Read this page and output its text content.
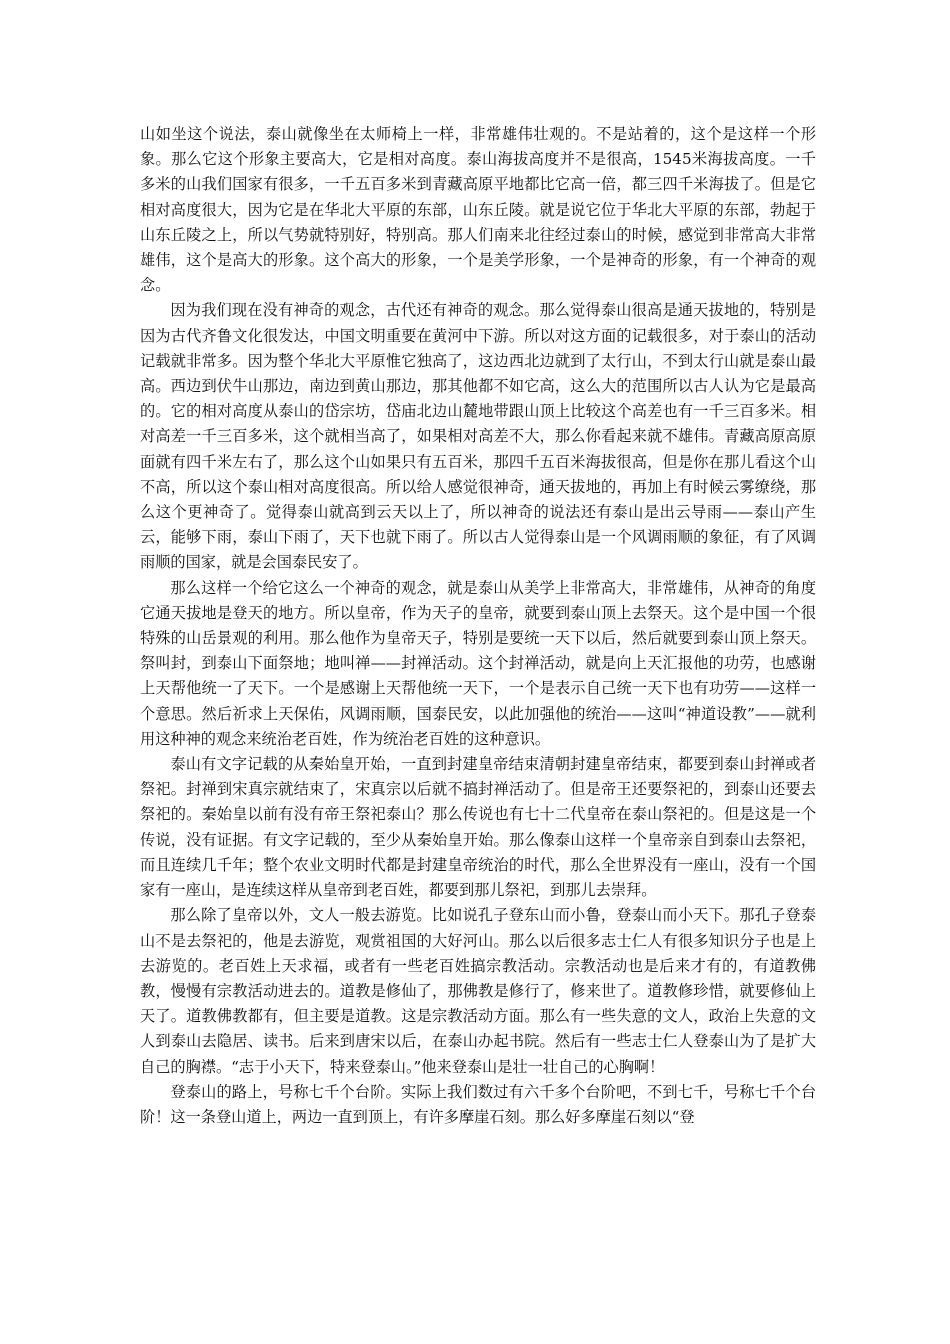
山如坐这个说法，泰山就像坐在太师椅上一样，非常雄伟壮观的。不是站着的，这个是这样一个形象。那么它这个形象主要高大，它是相对高度。泰山海拔高度并不是很高，1545米海拔高度。一千多米的山我们国家有很多，一千五百多米到青藏高原平地都比它高一倍，都三四千米海拔了。但是它相对高度很大，因为它是在华北大平原的东部，山东丘陵。就是说它位于华北大平原的东部，勃起于山东丘陵之上，所以气势就特别好，特别高。那人们南来北往经过泰山的时候，感觉到非常高大非常雄伟，这个是高大的形象。这个高大的形象，一个是美学形象，一个是神奇的形象，有一个神奇的观念。

因为我们现在没有神奇的观念，古代还有神奇的观念。那么觉得泰山很高是通天拔地的，特别是因为古代齐鲁文化很发达，中国文明重要在黄河中下游。所以对这方面的记载很多，对于泰山的活动记载就非常多。因为整个华北大平原惟它独高了，这边西北边就到了太行山，不到太行山就是泰山最高。西边到伏牛山那边，南边到黄山那边，那其他都不如它高，这么大的范围所以古人认为它是最高的。它的相对高度从泰山的岱宗坊，岱庙北边山麓地带跟山顶上比较这个高差也有一千三百多米。相对高差一千三百多米，这个就相当高了，如果相对高差不大，那么你看起来就不雄伟。青藏高原高原面就有四千米左右了，那么这个山如果只有五百米，那四千五百米海拔很高，但是你在那儿看这个山不高，所以这个泰山相对高度很高。所以给人感觉很神奇，通天拔地的，再加上有时候云雾缭绕，那么这个更神奇了。觉得泰山就高到云天以上了，所以神奇的说法还有泰山是出云导雨——泰山产生云，能够下雨，泰山下雨了，天下也就下雨了。所以古人觉得泰山是一个风调雨顺的象征，有了风调雨顺的国家，就是会国泰民安了。

那么这样一个给它这么一个神奇的观念，就是泰山从美学上非常高大，非常雄伟，从神奇的角度它通天拔地是登天的地方。所以皇帝，作为天子的皇帝，就要到泰山顶上去祭天。这个是中国一个很特殊的山岳景观的利用。那么他作为皇帝天子，特别是要统一天下以后，然后就要到泰山顶上祭天。祭叫封，到泰山下面祭地；地叫禅——封禅活动。这个封禅活动，就是向上天汇报他的功劳，也感谢上天帮他统一了天下。一个是感谢上天帮他统一天下，一个是表示自己统一天下也有功劳——这样一个意思。然后祈求上天保佑，风调雨顺，国泰民安，以此加强他的统治——这叫“神道设教”——就利用这种神的观念来统治老百姓，作为统治老百姓的这种意识。

泰山有文字记载的从秦始皇开始，一直到封建皇帝结束清朝封建皇帝结束，都要到泰山封禅或者祭祀。封禅到宋真宗就结束了，宋真宗以后就不搞封禅活动了。但是帝王还要祭祀的，到泰山还要去祭祀的。秦始皇以前有没有帝王祭祀泰山？那么传说也有七十二代皇帝在泰山祭祀的。但是这是一个传说，没有证据。有文字记载的，至少从秦始皇开始。那么像泰山这样一个皇帝亲自到泰山去祭祀，而且连续几千年；整个农业文明时代都是封建皇帝统治的时代，那么全世界没有一座山，没有一个国家有一座山，是连续这样从皇帝到老百姓，都要到那儿祭祀，到那儿去崇拜。

那么除了皇帝以外，文人一般去游览。比如说孔子登东山而小鲁，登泰山而小天下。那孔子登泰山不是去祭祀的，他是去游览，观赏祖国的大好河山。那么以后很多志士仁人有很多知识分子也是上去游览的。老百姓上天求福，或者有一些老百姓搞宗教活动。宗教活动也是后来才有的，有道教佛教，慢慢有宗教活动进去的。道教是修仙了，那佛教是修行了，修来世了。道教修珍惜，就要修仙上天了。道教佛教都有，但主要是道教。这是宗教活动方面。那么有一些失意的文人，政治上失意的文人到泰山去隐居、读书。后来到唐宋以后，在泰山办起书院。然后有一些志士仁人登泰山为了是扩大自己的胸襟。“志于小天下，特来登泰山。”他来登泰山是壮一壮自己的心胸啊！

登泰山的路上，号称七千个台阶。实际上我们数过有六千多个台阶吧，不到七千，号称七千个台阶！这一条登山道上，两边一直到顶上，有许多摩崖石刻。那么好多摩崖石刻以“登
